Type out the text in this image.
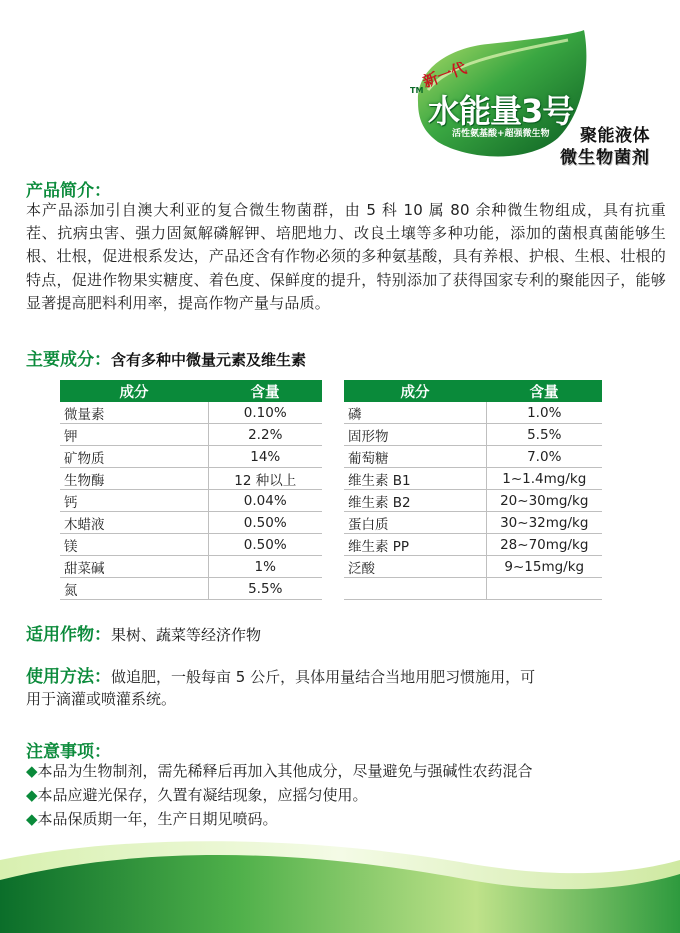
TM
新一代
水能量3号
活性氨基酸+超强微生物 聚能液体
微生物菌剂
产品简介：
本产品添加引自澳大利亚的复合微生物菌群，由 5 科 10 属 80 余种微生物组成，具有抗重茬、抗病虫害、强力固氮解磷解钾、培肥地力、改良土壤等多种功能，添加的菌根真菌能够生根、壮根，促进根系发达，产品还含有作物必须的多种氨基酸，具有养根、护根、生根、壮根的特点，促进作物果实糖度、着色度、保鲜度的提升，特别添加了获得国家专利的聚能因子，能够显著提高肥料利用率，提高作物产量与品质。
主要成分：含有多种中微量元素及维生素
成分	含量
微量素	0.10%
钾	2.2%
矿物质	14%
生物酶	12 种以上
钙	0.04%
木蜡液	0.50%
镁	0.50%
甜菜碱	1%
氮	5.5%
成分	含量
磷	1.0%
固形物	5.5%
葡萄糖	7.0%
维生素 B1	1~1.4mg/kg
维生素 B2	20~30mg/kg
蛋白质	30~32mg/kg
维生素 PP	28~70mg/kg
泛酸	9~15mg/kg

适用作物：果树、蔬菜等经济作物
使用方法：做追肥，一般每亩 5 公斤，具体用量结合当地用肥习惯施用，可
用于滴灌或喷灌系统。
注意事项：
◆本品为生物制剂，需先稀释后再加入其他成分，尽量避免与强碱性农药混合
◆本品应避光保存，久置有凝结现象，应摇匀使用。
◆本品保质期一年，生产日期见喷码。
